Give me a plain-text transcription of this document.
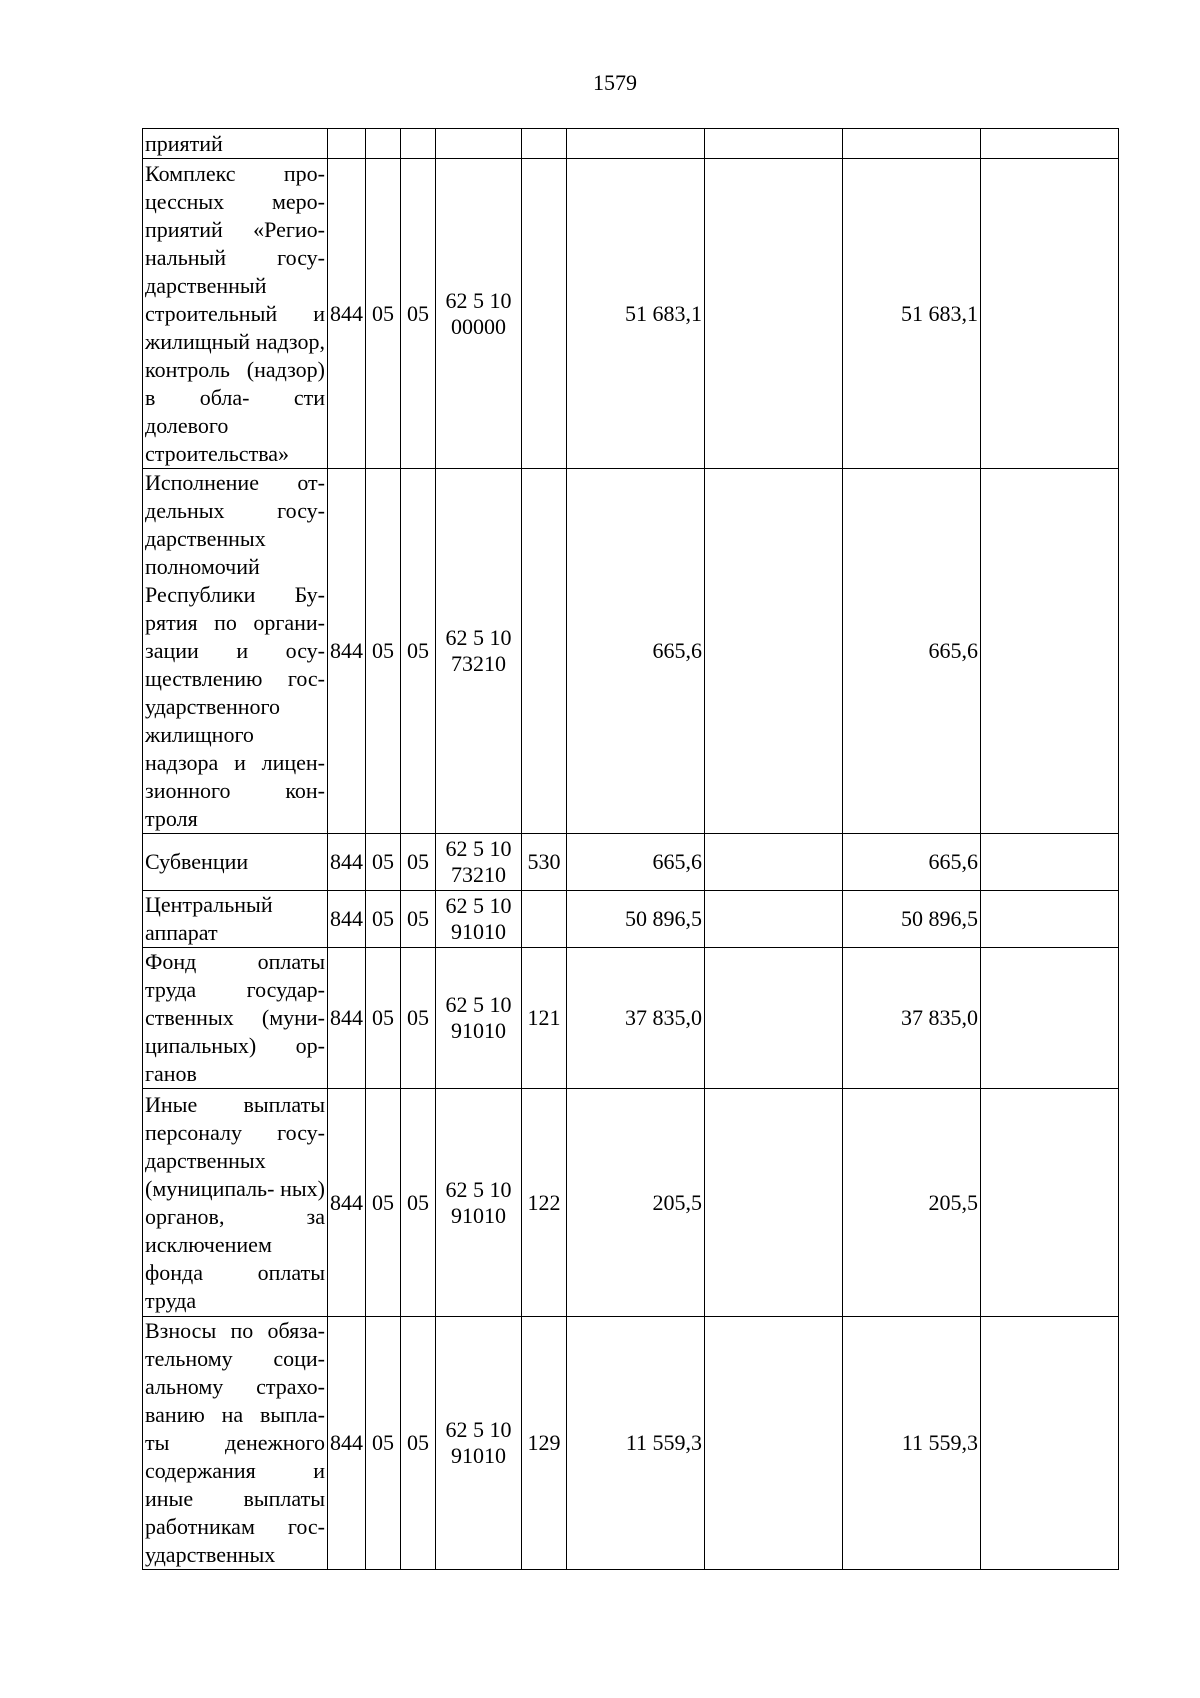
1579
приятий									
Комплекс про- цессных меро- приятий «Регио- нальный госу- дарственный строительный и жилищный надзор, контроль (надзор) в обла- сти долевого строительства»	844	05	05	62 5 10 00000		51 683,1		51 683,1	
Исполнение от- дельных госу- дарственных полномочий Республики Бу- рятия по органи- зации и осу- ществлению гос- ударственного жилищного надзора и лицен- зионного кон- троля	844	05	05	62 5 10 73210		665,6		665,6	
Субвенции	844	05	05	62 5 10 73210	530	665,6		665,6	
Центральный аппарат	844	05	05	62 5 10 91010		50 896,5		50 896,5	
Фонд оплаты труда государ- ственных (муни- ципальных) ор- ганов	844	05	05	62 5 10 91010	121	37 835,0		37 835,0	
Иные выплаты персоналу госу- дарственных (муниципаль- ных) органов, за исключением фонда оплаты труда	844	05	05	62 5 10 91010	122	205,5		205,5	
Взносы по обяза- тельному соци- альному страхо- ванию на выпла- ты денежного содержания и иные выплаты работникам гос- ударственных	844	05	05	62 5 10 91010	129	11 559,3		11 559,3	
